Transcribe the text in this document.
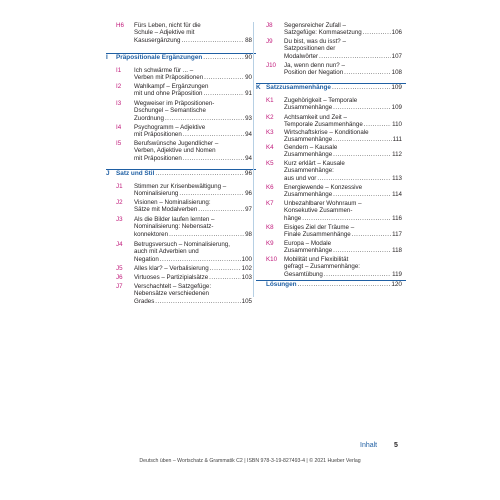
H6 Fürs Leben, nicht für die
Schule – Adjektive mit
Kasusergänzung .....	88
I Präpositionale Ergänzungen .....	90
I1 Ich schwärme für ... –
Verben mit Präpositionen .....	90
I2 Wahlkampf – Ergänzungen
mit und ohne Präposition .....	91
I3 Wegweiser im Präpositionen-
Dschungel – Semantische
Zuordnung .....	93
I4 Psychogramm – Adjektive
mit Präpositionen .....	94
I5 Berufswünsche Jugendlicher –
Verben, Adjektive und Nomen
mit Präpositionen .....	94
J Satz und Stil .....	96
J1 Stimmen zur Krisenbewältigung –
Nominalisierung .....	96
J2 Visionen – Nominalisierung:
Sätze mit Modalverben .....	97
J3 Als die Bilder laufen lernten –
Nominalisierung: Nebensatz-
konnektoren .....	98
J4 Betrugsversuch – Nominalisierung,
auch mit Adverbien und
Negation .....	100
J5 Alles klar? – Verbalisierung .....	102
J6 Virtuoses – Partizipialsätze .....	103
J7 Verschachtelt – Satzgefüge:
Nebensätze verschiedenen
Grades .....	105
J8 Segensreicher Zufall –
Satzgefüge: Kommasetzung .....	106
J9 Du bist, was du isst? –
Satzpositionen der
Modalwörter .....	107
J10 Ja, wenn denn nun? –
Position der Negation .....	108
K Satzzusammenhänge .....	109
K1 Zugehörigkeit – Temporale
Zusammenhänge .....	109
K2 Achtsamkeit und Zeit –
Temporale Zusammenhänge .....	110
K3 Wirtschaftskrise – Konditionale
Zusammenhänge .....	111
K4 Gendern – Kausale
Zusammenhänge .....	112
K5 Kurz erklärt – Kausale
Zusammenhänge:
aus und vor .....	113
K6 Energiewende – Konzessive
Zusammenhänge .....	114
K7 Unbezahlbarer Wohnraum –
Konsekutive Zusammen-
hänge .....	116
K8 Eisiges Ziel der Träume –
Finale Zusammenhänge .....	117
K9 Europa – Modale
Zusammenhänge .....	118
K10 Mobilität und Flexibilität
gefragt – Zusammenhänge:
Gesamtübung .....	119
Lösungen .....	120
Inhalt 5
Deutsch üben – Wortschatz & Grammatik C2 | ISBN 978-3-19-827493-4 | © 2021 Hueber Verlag
